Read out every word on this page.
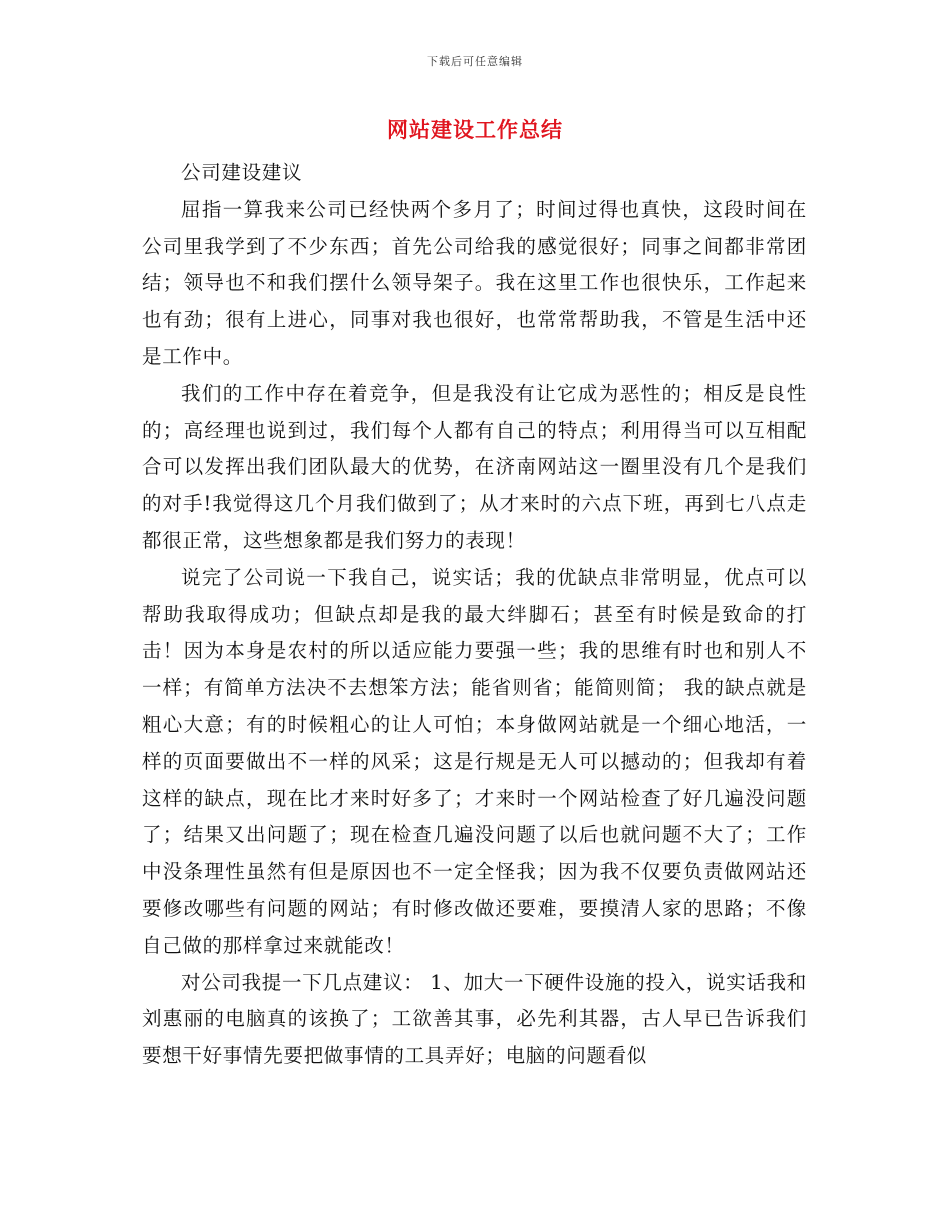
下载后可任意编辑
网站建设工作总结

公司建设建议

屈指一算我来公司已经快两个多月了；时间过得也真快，这段时间在公司里我学到了不少东西；首先公司给我的感觉很好；同事之间都非常团结；领导也不和我们摆什么领导架子。我在这里工作也很快乐，工作起来也有劲；很有上进心，同事对我也很好，也常常帮助我，不管是生活中还是工作中。

我们的工作中存在着竞争，但是我没有让它成为恶性的；相反是良性的；高经理也说到过，我们每个人都有自己的特点；利用得当可以互相配合可以发挥出我们团队最大的优势，在济南网站这一圈里没有几个是我们的对手!我觉得这几个月我们做到了；从才来时的六点下班，再到七八点走都很正常，这些想象都是我们努力的表现！

说完了公司说一下我自己，说实话；我的优缺点非常明显，优点可以帮助我取得成功；但缺点却是我的最大绊脚石；甚至有时候是致命的打击！因为本身是农村的所以适应能力要强一些；我的思维有时也和别人不一样；有简单方法决不去想笨方法；能省则省；能简则简； 我的缺点就是粗心大意；有的时候粗心的让人可怕；本身做网站就是一个细心地活，一样的页面要做出不一样的风采；这是行规是无人可以撼动的；但我却有着这样的缺点，现在比才来时好多了；才来时一个网站检查了好几遍没问题了；结果又出问题了；现在检查几遍没问题了以后也就问题不大了；工作中没条理性虽然有但是原因也不一定全怪我；因为我不仅要负责做网站还要修改哪些有问题的网站；有时修改做还要难，要摸清人家的思路；不像自己做的那样拿过来就能改！

对公司我提一下几点建议： 1、加大一下硬件设施的投入，说实话我和刘惠丽的电脑真的该换了；工欲善其事，必先利其器，古人早已告诉我们要想干好事情先要把做事情的工具弄好；电脑的问题看似
